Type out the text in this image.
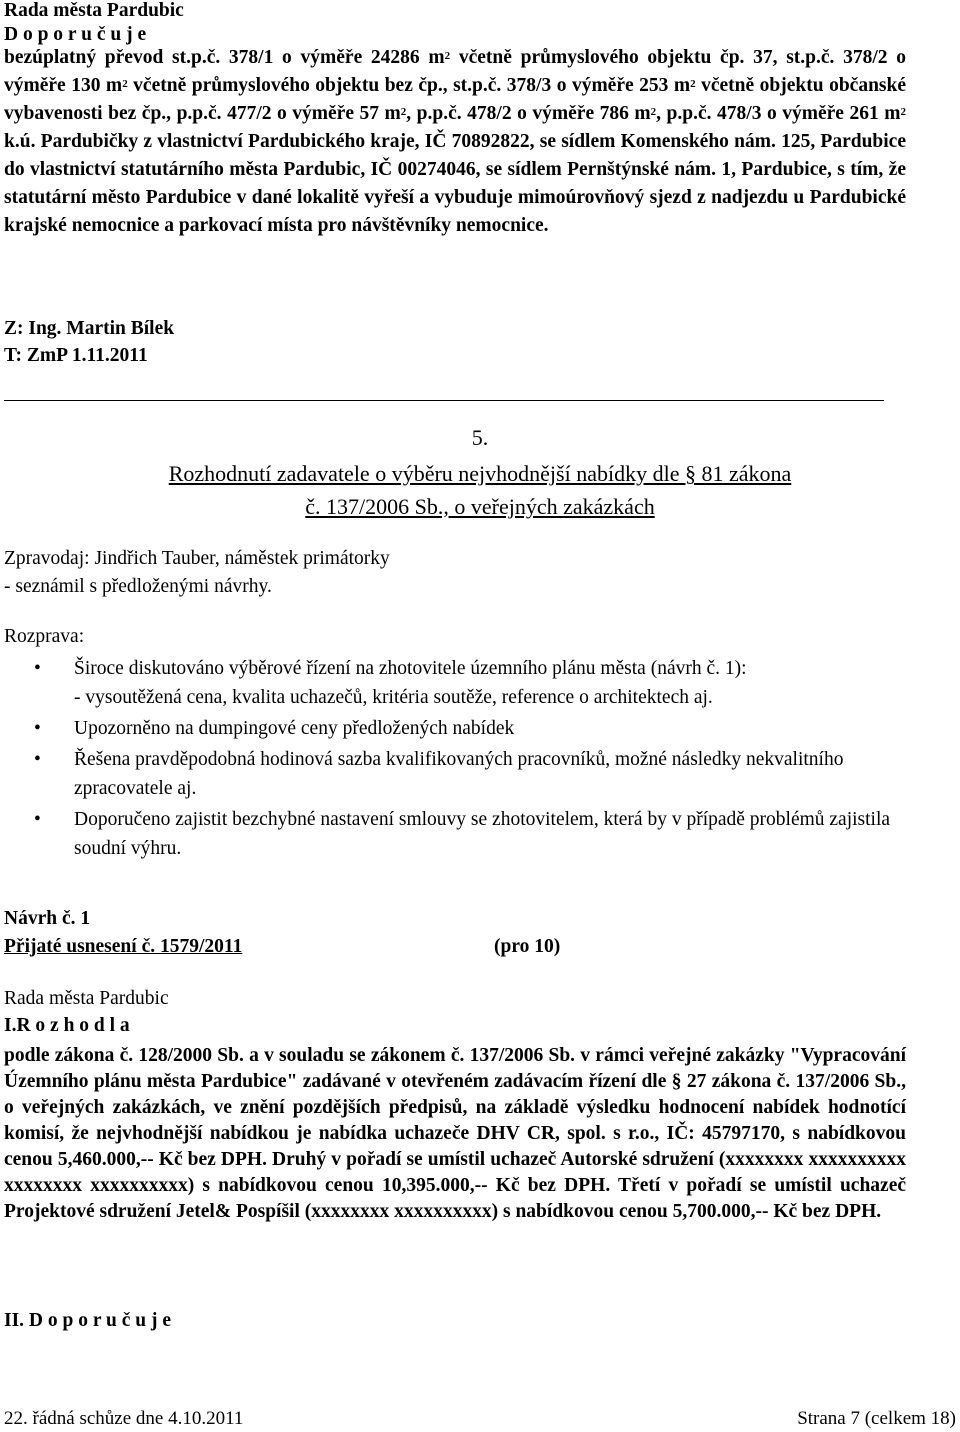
Rada města Pardubic
D o p o r u č u j e
bezúplatný převod st.p.č. 378/1 o výměře 24286 $m^2$ včetně průmyslového objektu čp. 37, st.p.č. 378/2 o výměře 130 $m^2$ včetně průmyslového objektu bez čp., st.p.č. 378/3 o výměře 253 $m^2$ včetně objektu občanské vybavenosti bez čp., p.p.č. 477/2 o výměře 57 $m^2$, p.p.č. 478/2 o výměře 786 $m^2$, p.p.č. 478/3 o výměře 261 $m^2$ k.ú. Pardubičky z vlastnictví Pardubického kraje, IČ 70892822, se sídlem Komenského nám. 125, Pardubice do vlastnictví statutárního města Pardubic, IČ 00274046, se sídlem Pernštýnské nám. 1, Pardubice, s tím, že statutární město Pardubice v dané lokalitě vyřeší a vybuduje mimoúrovňový sjezd z nadjezdu u Pardubické krajské nemocnice a parkovací místa pro návštěvníky nemocnice.
Z: Ing. Martin Bílek
T: ZmP 1.11.2011
5.
Rozhodnutí zadavatele o výběru nejvhodnější nabídky dle § 81 zákona
č. 137/2006 Sb., o veřejných zakázkách
Zpravodaj: Jindřich Tauber, náměstek primátorky
- seznámil s předloženými návrhy.
Rozprava:
• Široce diskutováno výběrové řízení na zhotovitele územního plánu města (návrh č. 1):
- vysoutěžená cena, kvalita uchazečů, kritéria soutěže, reference o architektech aj.
• Upozorněno na dumpingové ceny předložených nabídek
• Řešena pravděpodobná hodinová sazba kvalifikovaných pracovníků, možné následky nekvalitního zpracovatele aj.
• Doporučeno zajistit bezchybné nastavení smlouvy se zhotovitelem, která by v případě problémů zajistila soudní výhru.
Návrh č. 1
Přijaté usnesení č. 1579/2011	(pro 10)
Rada města Pardubic
I.R o z h o d l a
podle zákona č. 128/2000 Sb. a v souladu se zákonem č. 137/2006 Sb. v rámci veřejné zakázky "Vypracování Územního plánu města Pardubice" zadávané v otevřeném zadávacím řízení dle § 27 zákona č. 137/2006 Sb., o veřejných zakázkách, ve znění pozdějších předpisů, na základě výsledku hodnocení nabídek hodnotící komisí, že nejvhodnější nabídkou je nabídka uchazeče DHV CR, spol. s r.o., IČ: 45797170, s nabídkovou cenou 5,460.000,-- Kč bez DPH. Druhý v pořadí se umístil uchazeč Autorské sdružení (xxxxxxxx xxxxxxxxxx xxxxxxxx xxxxxxxxxx) s nabídkovou cenou 10,395.000,-- Kč bez DPH. Třetí v pořadí se umístil uchazeč Projektové sdružení Jetel& Pospíšil (xxxxxxxx xxxxxxxxxx) s nabídkovou cenou 5,700.000,-- Kč bez DPH.
II. D o p o r u č u j e
22. řádná schůze dne 4.10.2011	Strana 7 (celkem 18)
